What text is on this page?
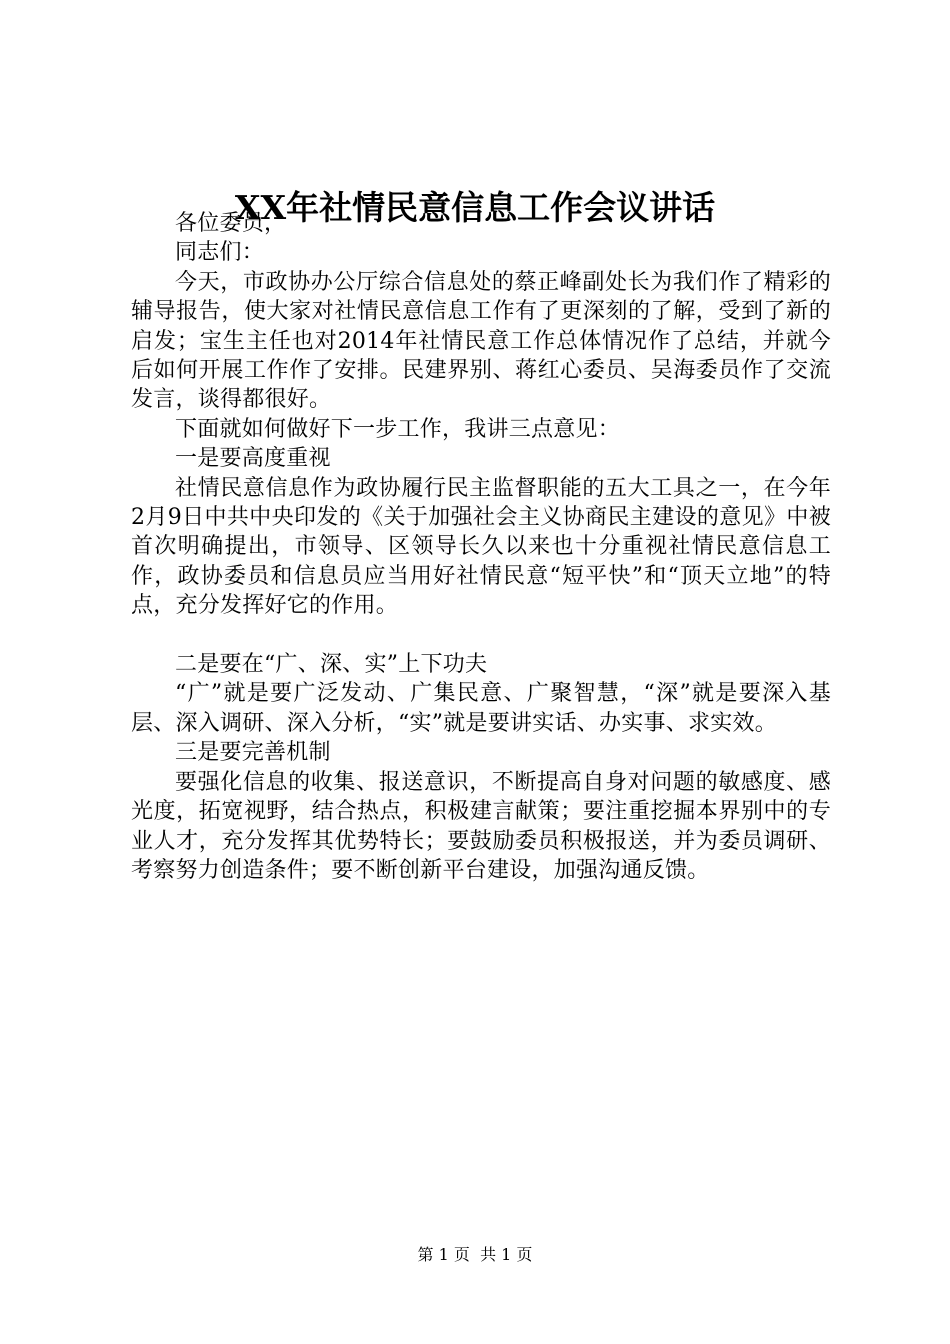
XX年社情民意信息工作会议讲话

各位委员，

同志们：

今天，市政协办公厅综合信息处的蔡正峰副处长为我们作了精彩的辅导报告，使大家对社情民意信息工作有了更深刻的了解，受到了新的启发；宝生主任也对2014年社情民意工作总体情况作了总结，并就今后如何开展工作作了安排。民建界别、蒋红心委员、吴海委员作了交流发言，谈得都很好。

下面就如何做好下一步工作，我讲三点意见：

一是要高度重视

社情民意信息作为政协履行民主监督职能的五大工具之一，在今年2月9日中共中央印发的《关于加强社会主义协商民主建设的意见》中被首次明确提出，市领导、区领导长久以来也十分重视社情民意信息工作，政协委员和信息员应当用好社情民意“短平快”和“顶天立地”的特点，充分发挥好它的作用。

二是要在“广、深、实”上下功夫

“广”就是要广泛发动、广集民意、广聚智慧，“深”就是要深入基层、深入调研、深入分析，“实”就是要讲实话、办实事、求实效。

三是要完善机制

要强化信息的收集、报送意识，不断提高自身对问题的敏感度、感光度，拓宽视野，结合热点，积极建言献策；要注重挖掘本界别中的专业人才，充分发挥其优势特长；要鼓励委员积极报送，并为委员调研、考察努力创造条件；要不断创新平台建设，加强沟通反馈。

第 1 页  共 1 页
